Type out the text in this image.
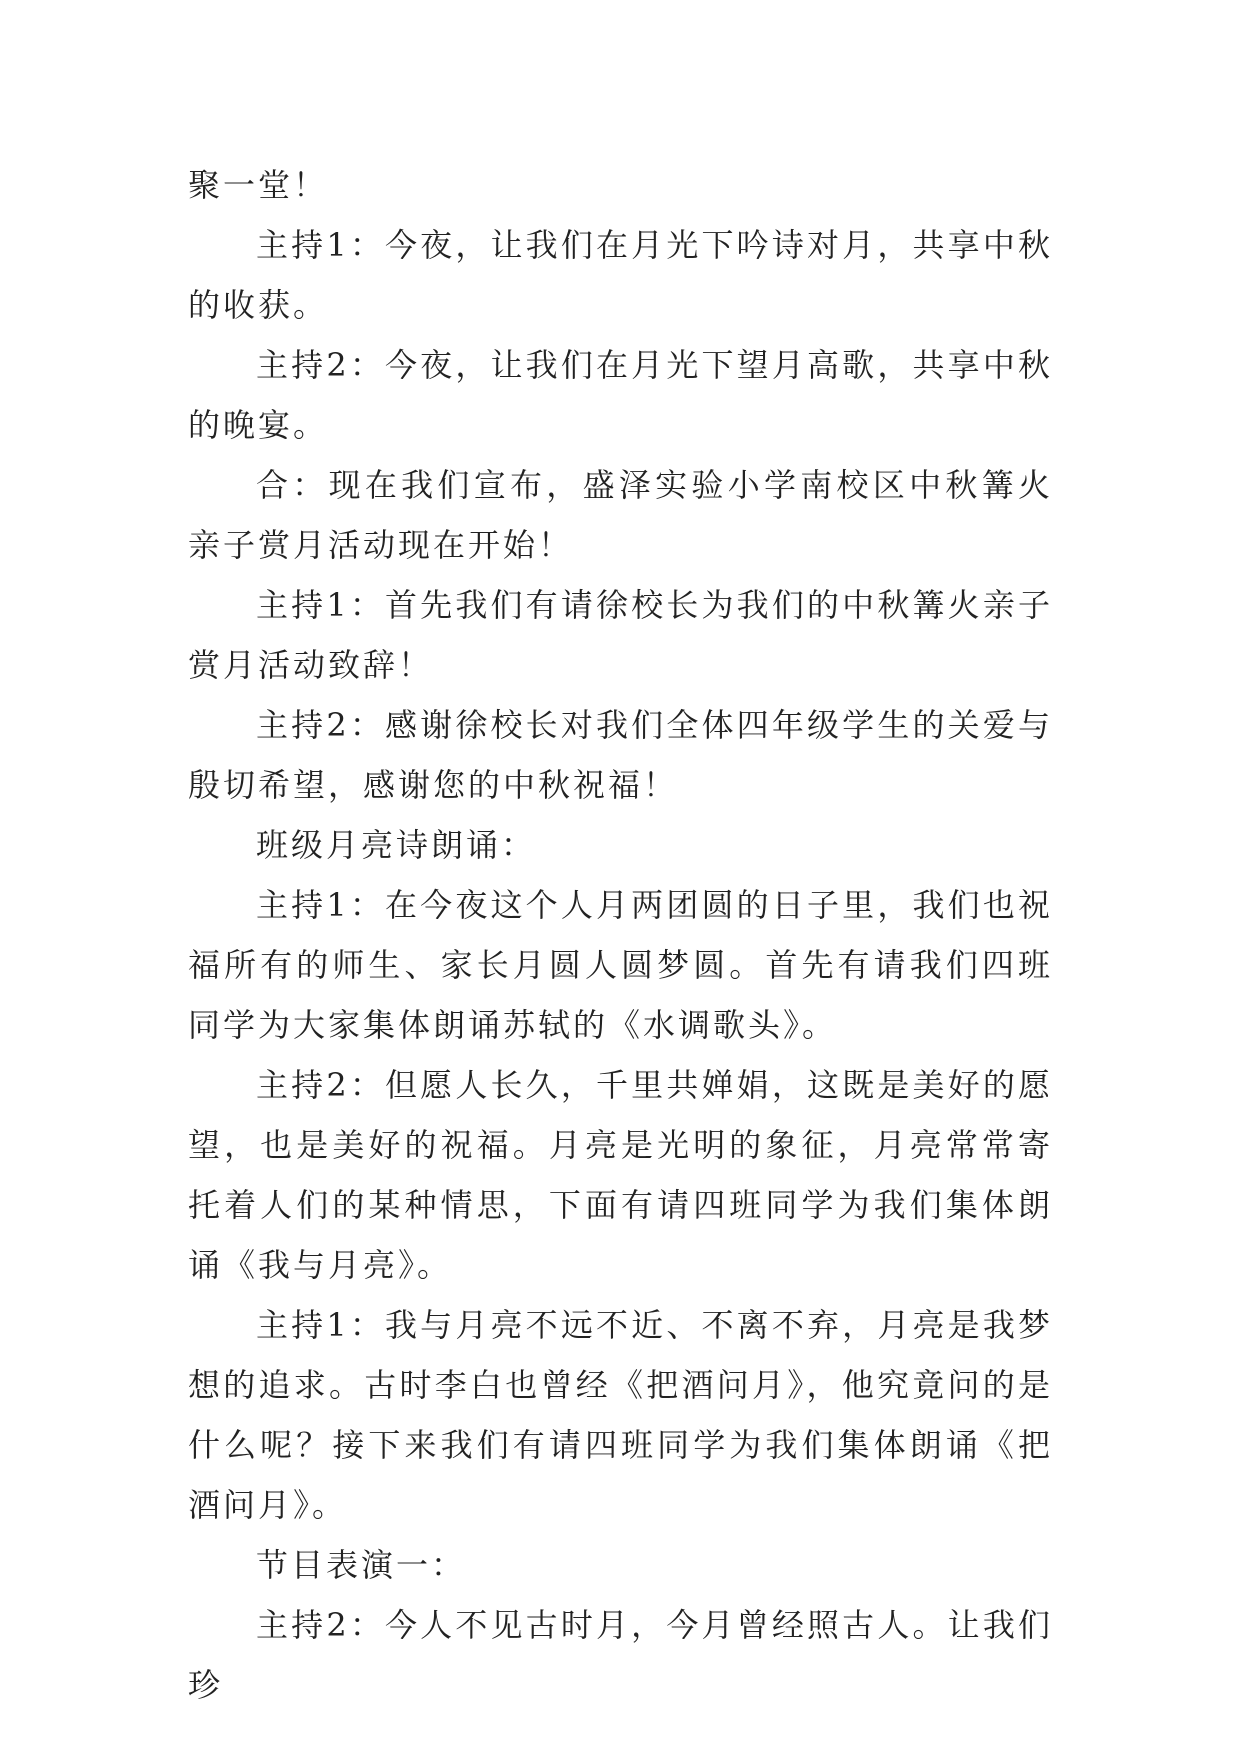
聚一堂！

主持1：今夜，让我们在月光下吟诗对月，共享中秋的收获。

主持2：今夜，让我们在月光下望月高歌，共享中秋的晚宴。

合：现在我们宣布，盛泽实验小学南校区中秋篝火亲子赏月活动现在开始！

主持1：首先我们有请徐校长为我们的中秋篝火亲子赏月活动致辞！

主持2：感谢徐校长对我们全体四年级学生的关爱与殷切希望，感谢您的中秋祝福！

班级月亮诗朗诵：

主持1：在今夜这个人月两团圆的日子里，我们也祝福所有的师生、家长月圆人圆梦圆。首先有请我们四班同学为大家集体朗诵苏轼的《水调歌头》。

主持2：但愿人长久，千里共婵娟，这既是美好的愿望，也是美好的祝福。月亮是光明的象征，月亮常常寄托着人们的某种情思，下面有请四班同学为我们集体朗诵《我与月亮》。

主持1：我与月亮不远不近、不离不弃，月亮是我梦想的追求。古时李白也曾经《把酒问月》，他究竟问的是什么呢？接下来我们有请四班同学为我们集体朗诵《把酒问月》。

节目表演一：

主持2：今人不见古时月，今月曾经照古人。让我们珍
